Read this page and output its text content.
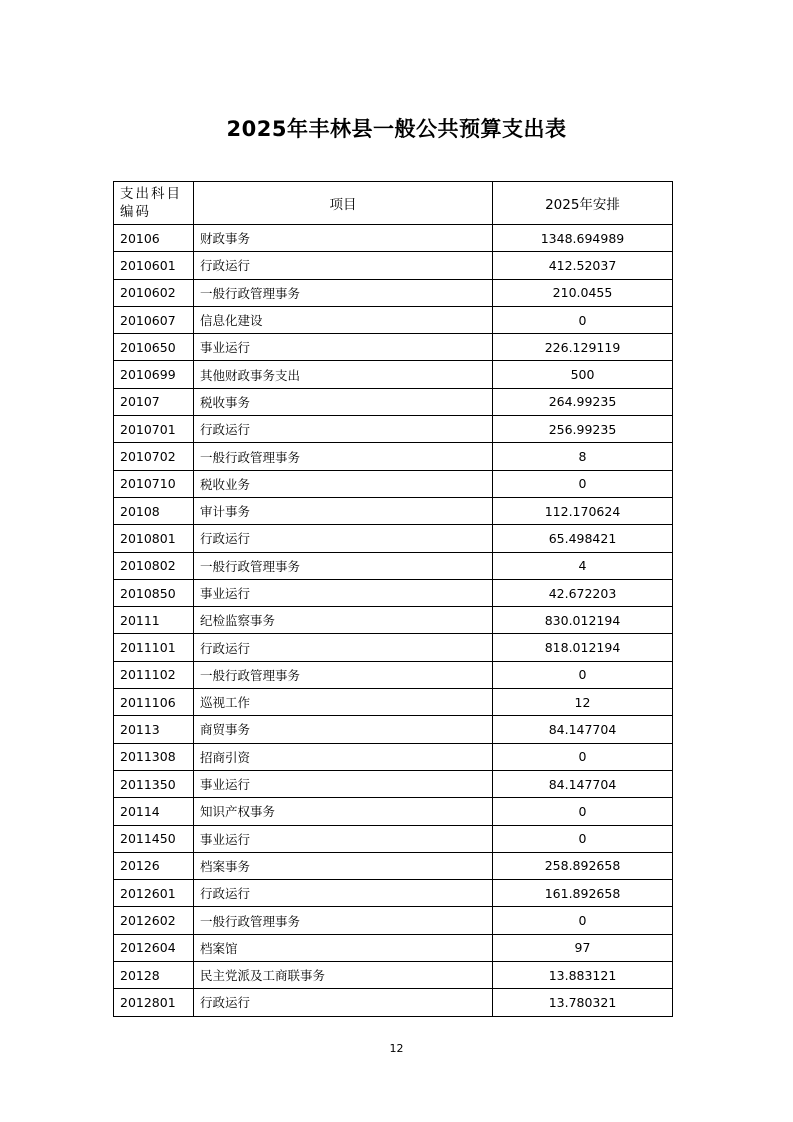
2025年丰林县一般公共预算支出表
支出科目编码	项目	2025年安排
20106	财政事务	1348.694989
2010601	行政运行	412.52037
2010602	一般行政管理事务	210.0455
2010607	信息化建设	0
2010650	事业运行	226.129119
2010699	其他财政事务支出	500
20107	税收事务	264.99235
2010701	行政运行	256.99235
2010702	一般行政管理事务	8
2010710	税收业务	0
20108	审计事务	112.170624
2010801	行政运行	65.498421
2010802	一般行政管理事务	4
2010850	事业运行	42.672203
20111	纪检监察事务	830.012194
2011101	行政运行	818.012194
2011102	一般行政管理事务	0
2011106	巡视工作	12
20113	商贸事务	84.147704
2011308	招商引资	0
2011350	事业运行	84.147704
20114	知识产权事务	0
2011450	事业运行	0
20126	档案事务	258.892658
2012601	行政运行	161.892658
2012602	一般行政管理事务	0
2012604	档案馆	97
20128	民主党派及工商联事务	13.883121
2012801	行政运行	13.780321
12
